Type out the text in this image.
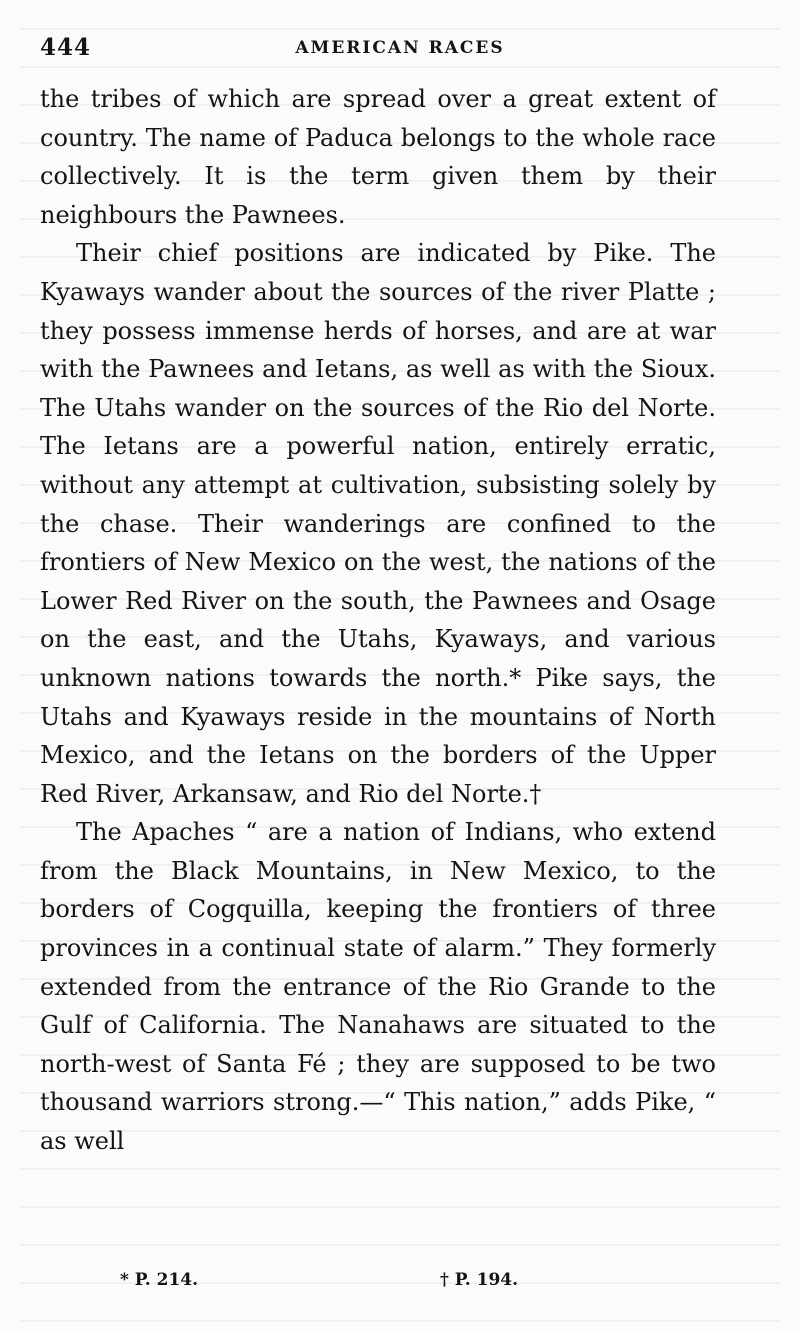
444	AMERICAN RACES

the tribes of which are spread over a great extent of country. The name of Paduca belongs to the whole race collectively. It is the term given them by their neighbours the Pawnees.

Their chief positions are indicated by Pike. The Kyaways wander about the sources of the river Platte ; they possess immense herds of horses, and are at war with the Pawnees and Ietans, as well as with the Sioux. The Utahs wander on the sources of the Rio del Norte. The Ietans are a powerful nation, entirely erratic, without any attempt at cultivation, subsisting solely by the chase. Their wanderings are confined to the frontiers of New Mexico on the west, the nations of the Lower Red River on the south, the Pawnees and Osage on the east, and the Utahs, Kyaways, and various unknown nations towards the north.* Pike says, the Utahs and Kyaways reside in the mountains of North Mexico, and the Ietans on the borders of the Upper Red River, Arkansaw, and Rio del Norte.†

The Apaches “ are a nation of Indians, who extend from the Black Mountains, in New Mexico, to the borders of Cogquilla, keeping the frontiers of three provinces in a continual state of alarm.” They formerly extended from the entrance of the Rio Grande to the Gulf of California. The Nanahaws are situated to the north-west of Santa Fé ; they are supposed to be two thousand warriors strong.—“ This nation,” adds Pike, “ as well

* P. 214.	† P. 194.
